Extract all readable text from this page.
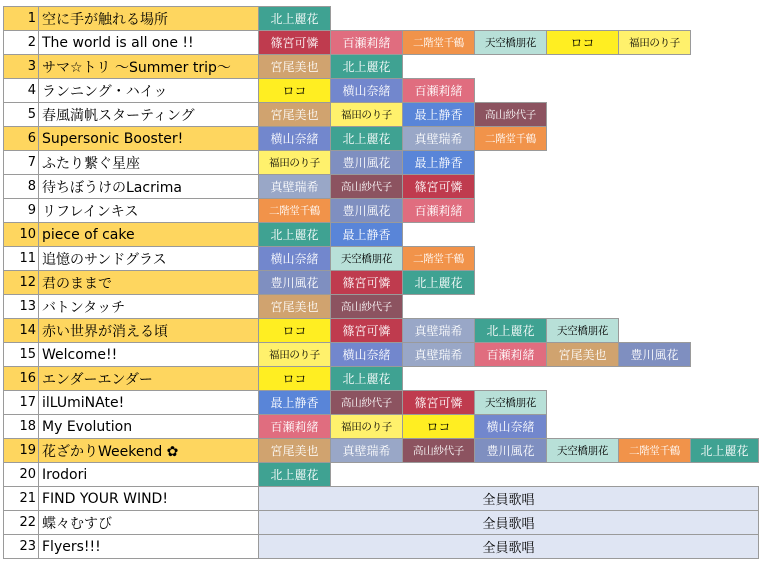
1	空に手が触れる場所	北上麗花						
2	The world is all one !!	篠宮可憐	百瀬莉緒	二階堂千鶴	天空橋朋花	ロコ	福田のり子	
3	サマ☆トリ 〜Summer trip〜	宮尾美也	北上麗花					
4	ランニング・ハイッ	ロコ	横山奈緒	百瀬莉緒				
5	春風満帆スターティング	宮尾美也	福田のり子	最上静香	高山紗代子			
6	Supersonic Booster!	横山奈緒	北上麗花	真壁瑞希	二階堂千鶴			
7	ふたり繋ぐ星座	福田のり子	豊川風花	最上静香				
8	待ちぼうけのLacrima	真壁瑞希	高山紗代子	篠宮可憐				
9	リフレインキス	二階堂千鶴	豊川風花	百瀬莉緒				
10	piece of cake	北上麗花	最上静香					
11	追憶のサンドグラス	横山奈緒	天空橋朋花	二階堂千鶴				
12	君のままで	豊川風花	篠宮可憐	北上麗花				
13	バトンタッチ	宮尾美也	高山紗代子					
14	赤い世界が消える頃	ロコ	篠宮可憐	真壁瑞希	北上麗花	天空橋朋花		
15	Welcome!!	福田のり子	横山奈緒	真壁瑞希	百瀬莉緒	宮尾美也	豊川風花	
16	エンダーエンダー	ロコ	北上麗花					
17	ilLUmiNAte!	最上静香	高山紗代子	篠宮可憐	天空橋朋花			
18	My Evolution	百瀬莉緒	福田のり子	ロコ	横山奈緒			
19	花ざかりWeekend ✿	宮尾美也	真壁瑞希	高山紗代子	豊川風花	天空橋朋花	二階堂千鶴	北上麗花
20	Irodori	北上麗花						
21	FIND YOUR WIND!	全員歌唱						
22	蝶々むすび	全員歌唱						
23	Flyers!!!	全員歌唱						
